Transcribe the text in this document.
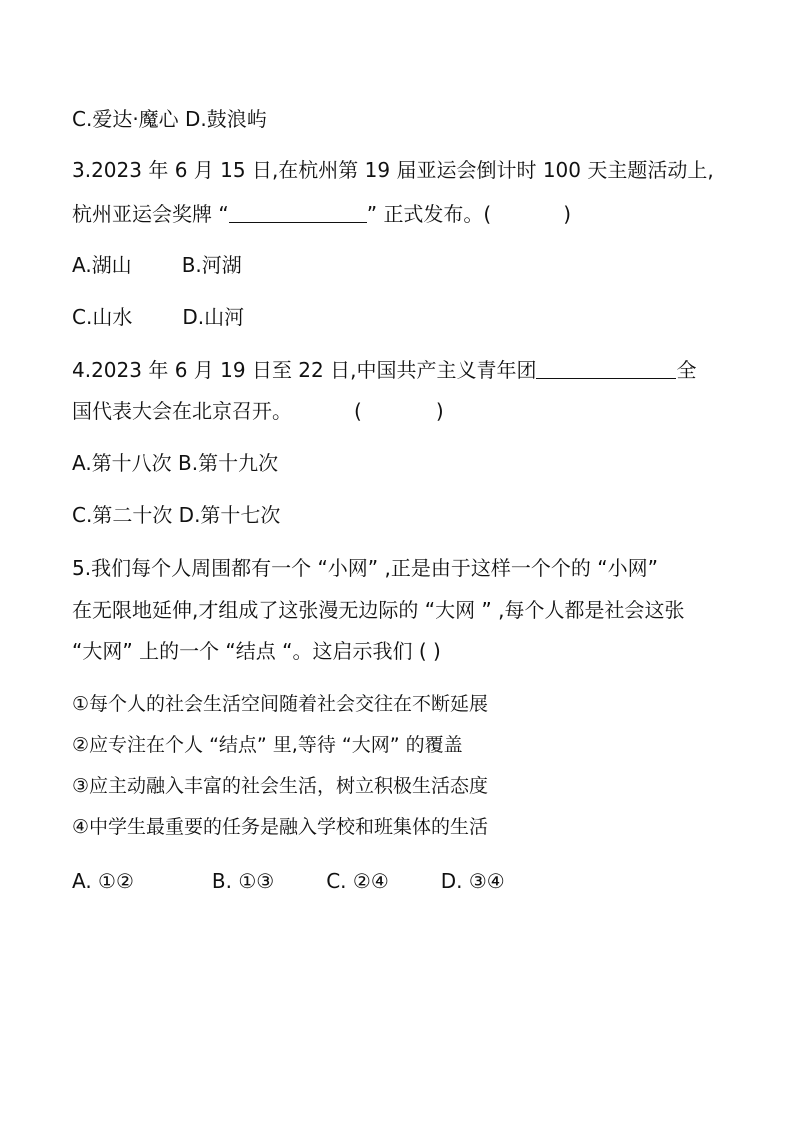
C.爱达·魔心 D.鼓浪屿
3.2023 年 6 月 15 日,在杭州第 19 届亚运会倒计时 100 天主题活动上,
杭州亚运会奖牌 “	” 正式发布。(	)
A.湖山	B.河湖
C.山水	D.山河
4.2023 年 6 月 19 日至 22 日,中国共产主义青年团	全
国代表大会在北京召开。	(	)
A.第十八次 B.第十九次
C.第二十次 D.第十七次
5.我们每个人周围都有一个 “小网” ,正是由于这样一个个的 “小网”
在无限地延伸,才组成了这张漫无边际的 “大网 ” ,每个人都是社会这张
“大网” 上的一个 “结点 “。这启示我们 ( )
①每个人的社会生活空间随着社会交往在不断延展
②应专注在个人 “结点” 里,等待 “大网” 的覆盖
③应主动融入丰富的社会生活，树立积极生活态度
④中学生最重要的任务是融入学校和班集体的生活
A. ①②	B. ①③	C. ②④	D. ③④
